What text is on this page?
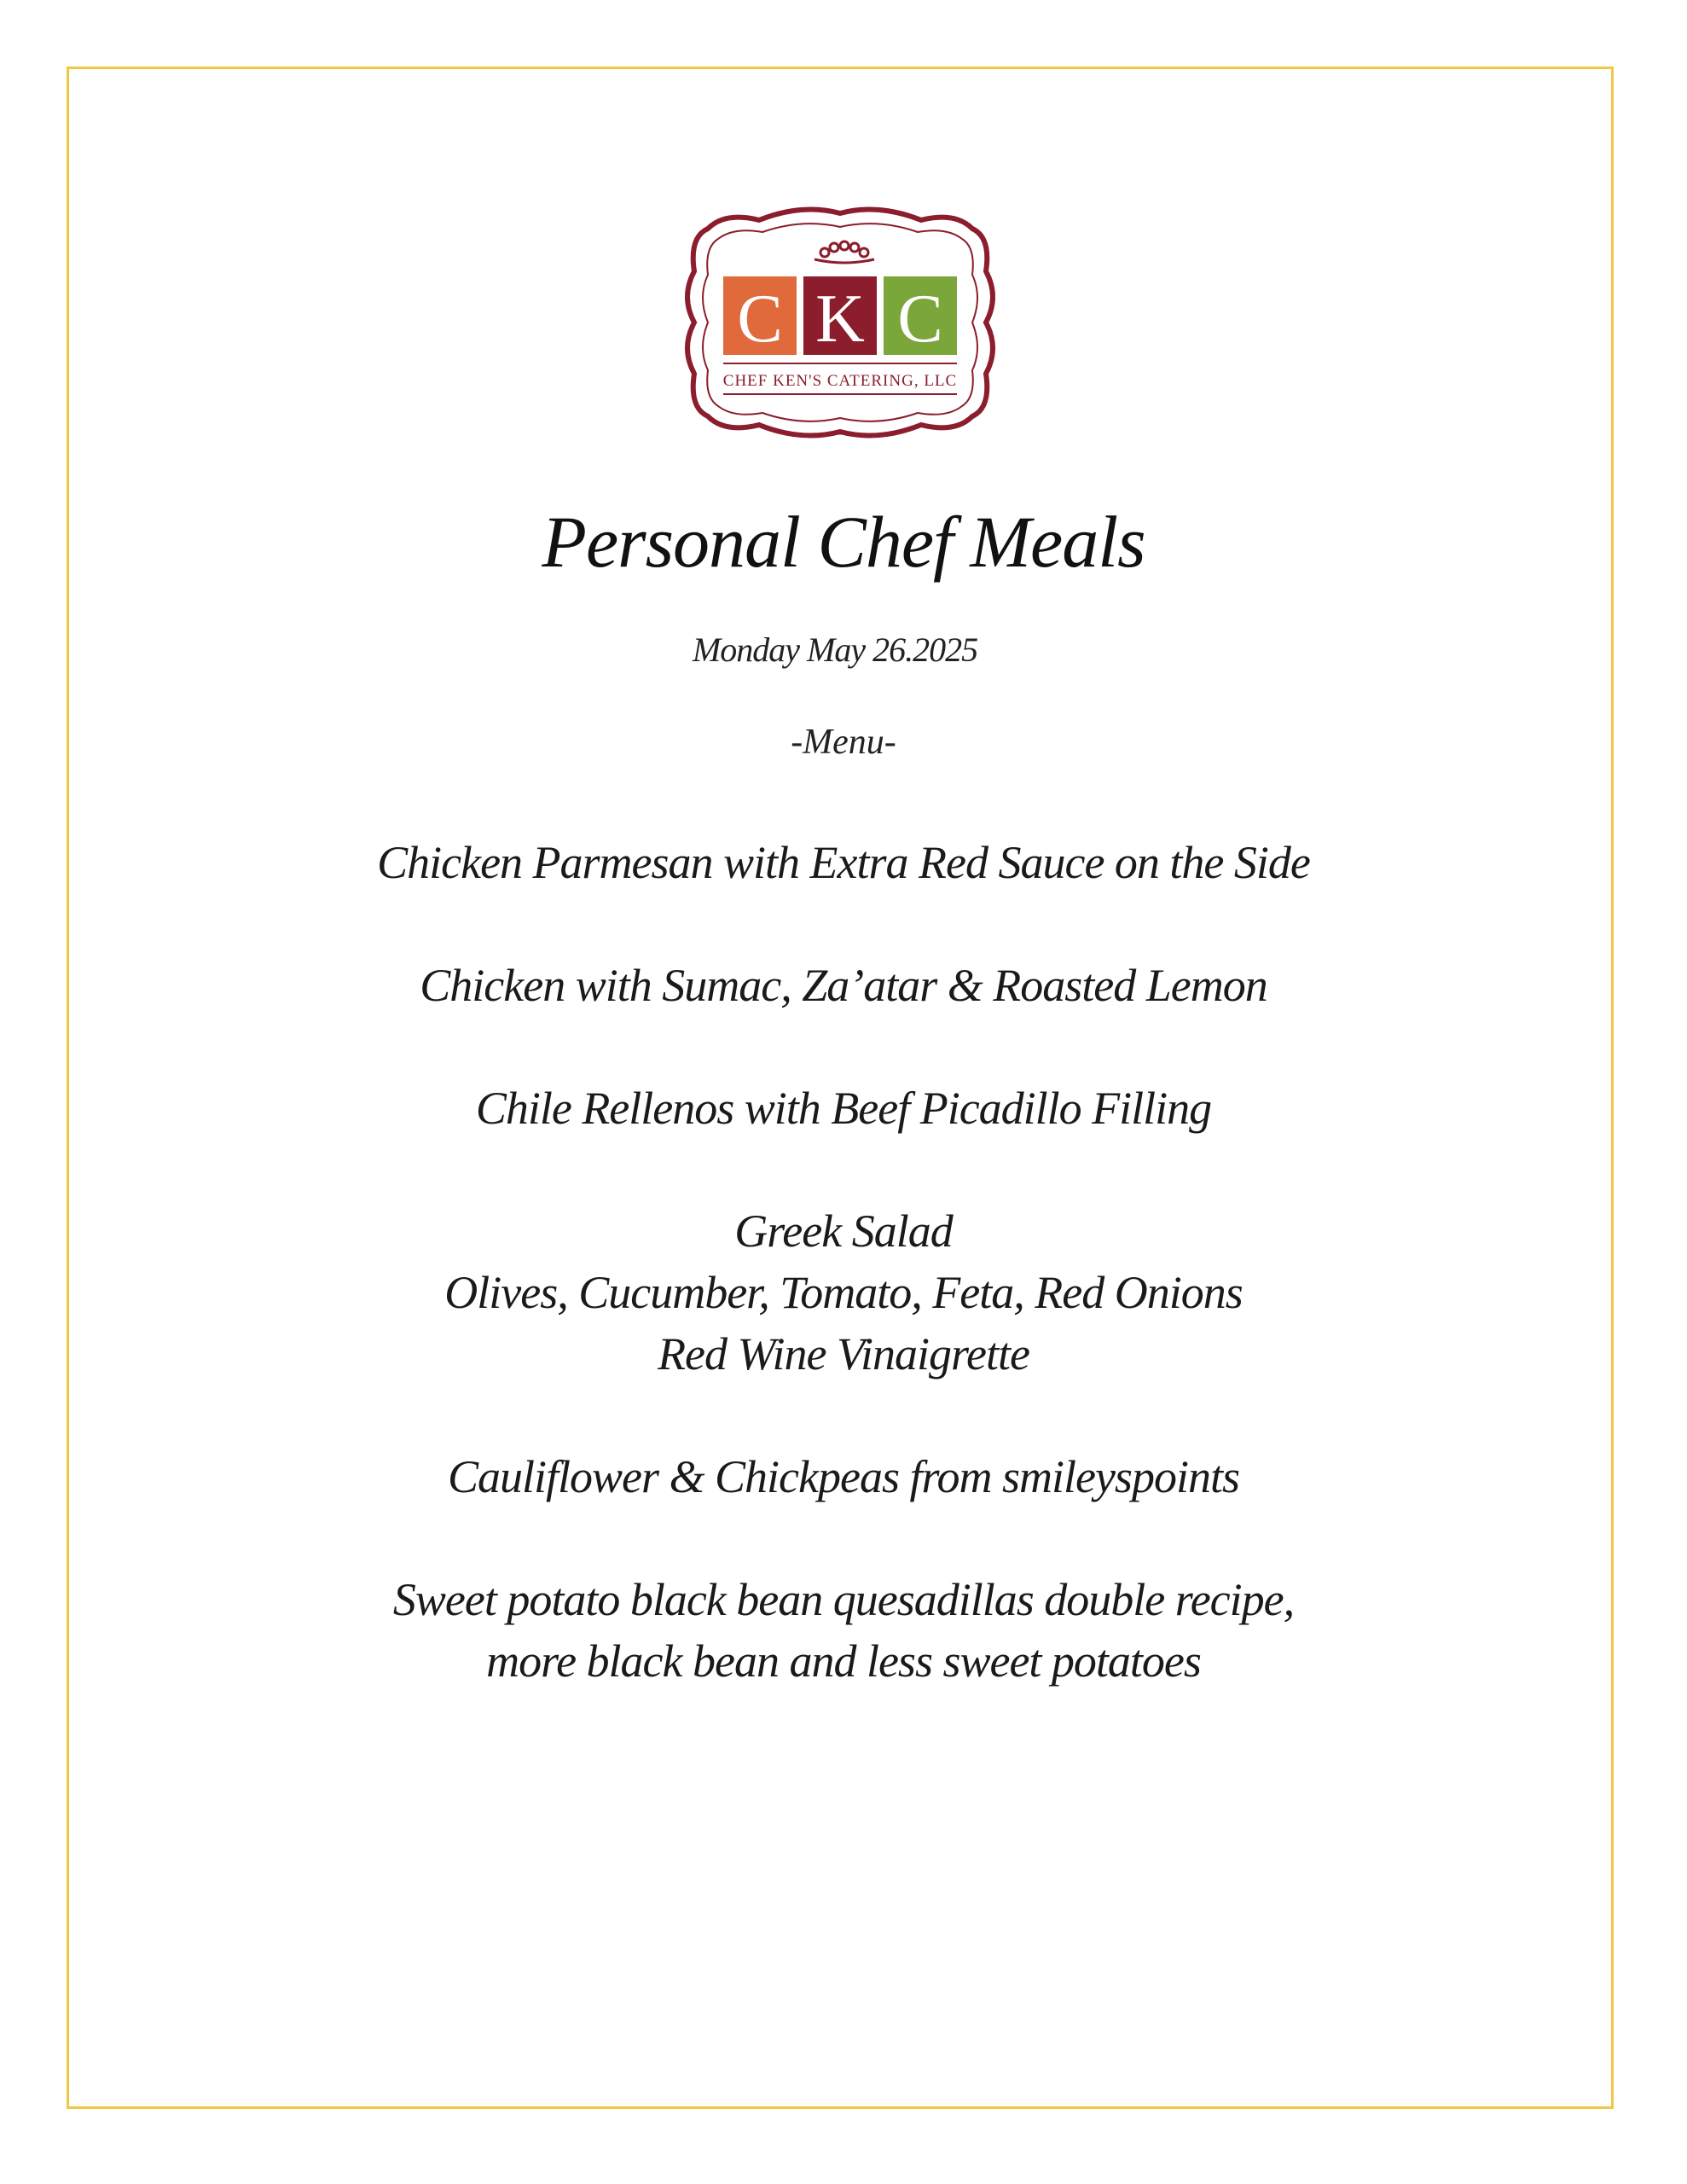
C K C
CHEF KEN'S CATERING, LLC
Personal Chef Meals
Monday May 26.2025
-Menu-
Chicken Parmesan with Extra Red Sauce on the Side
Chicken with Sumac, Za’atar & Roasted Lemon
Chile Rellenos with Beef Picadillo Filling
Greek Salad
Olives, Cucumber, Tomato, Feta, Red Onions
Red Wine Vinaigrette
Cauliflower & Chickpeas from smileyspoints
Sweet potato black bean quesadillas double recipe,
more black bean and less sweet potatoes
